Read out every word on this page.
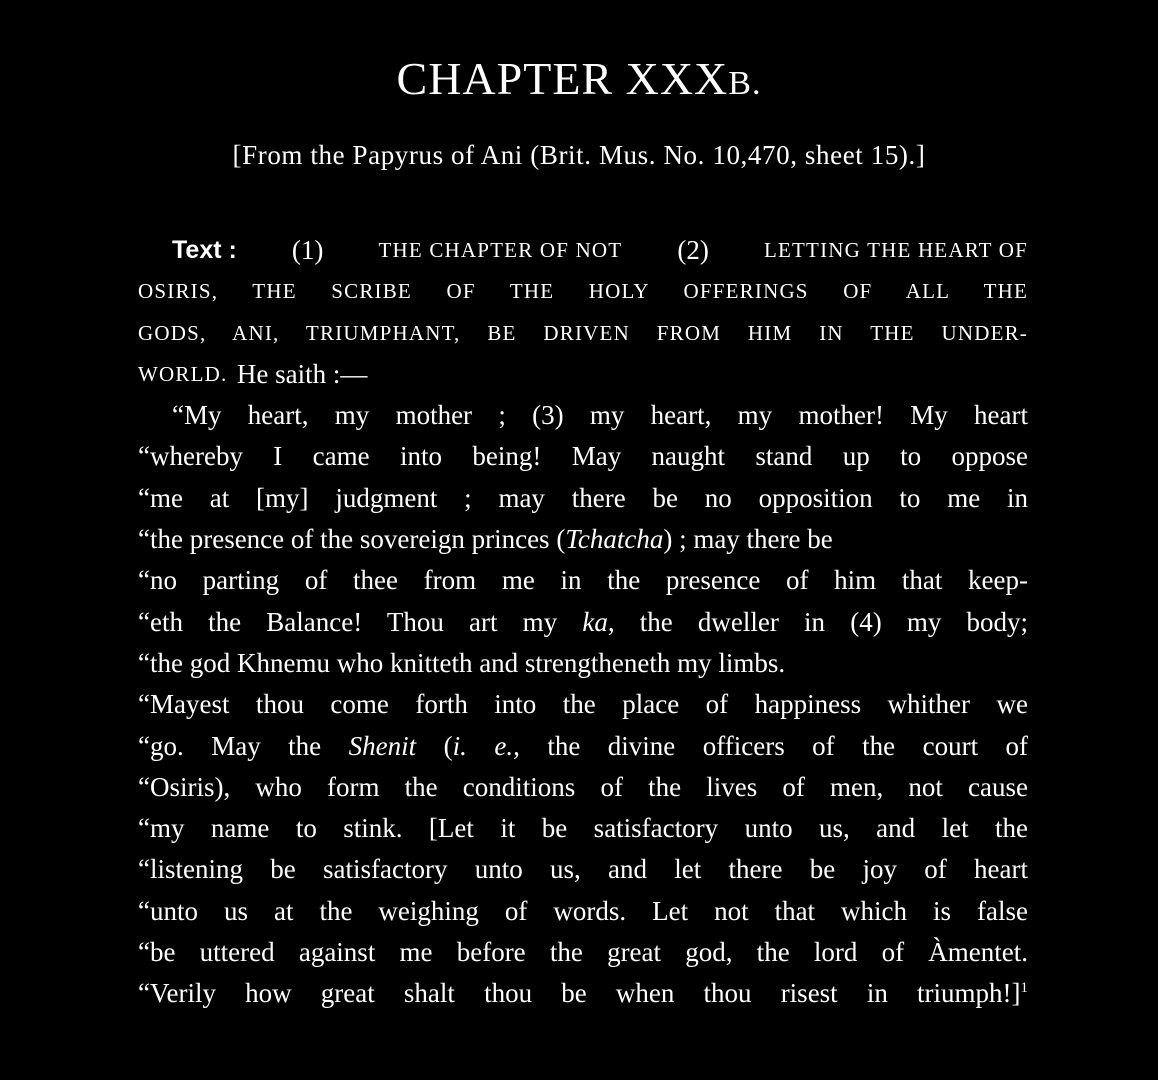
CHAPTER XXXB.
[From the Papyrus of Ani (Brit. Mus. No. 10,470, sheet 15).]
Text : (1)	THE CHAPTER OF NOT (2)	LETTING THE HEART OF
OSIRIS, THE SCRIBE OF THE HOLY OFFERINGS OF ALL THE
GODS, ANI, TRIUMPHANT, BE DRIVEN FROM HIM IN THE UNDER-
WORLD. He saith :—
“My heart, my mother ; (3) my heart, my mother! My heart
“whereby I came into being! May naught stand up to oppose
“me at [my] judgment ; may there be no opposition to me in
“the presence of the sovereign princes (Tchatcha) ; may there be
“no parting of thee from me in the presence of him that keep-
“eth the Balance! Thou art my ka, the dweller in (4) my body;
“the god Khnemu who knitteth and strengtheneth my limbs.
“Mayest thou come forth into the place of happiness whither we
“go. May the Shenit (i. e., the divine officers of the court of
“Osiris), who form the conditions of the lives of men, not cause
“my name to stink. [Let it be satisfactory unto us, and let the
“listening be satisfactory unto us, and let there be joy of heart
“unto us at the weighing of words. Let not that which is false
“be uttered against me before the great god, the lord of Àmentet.
“Verily how great shalt thou be when thou risest in triumph!]$^1$
